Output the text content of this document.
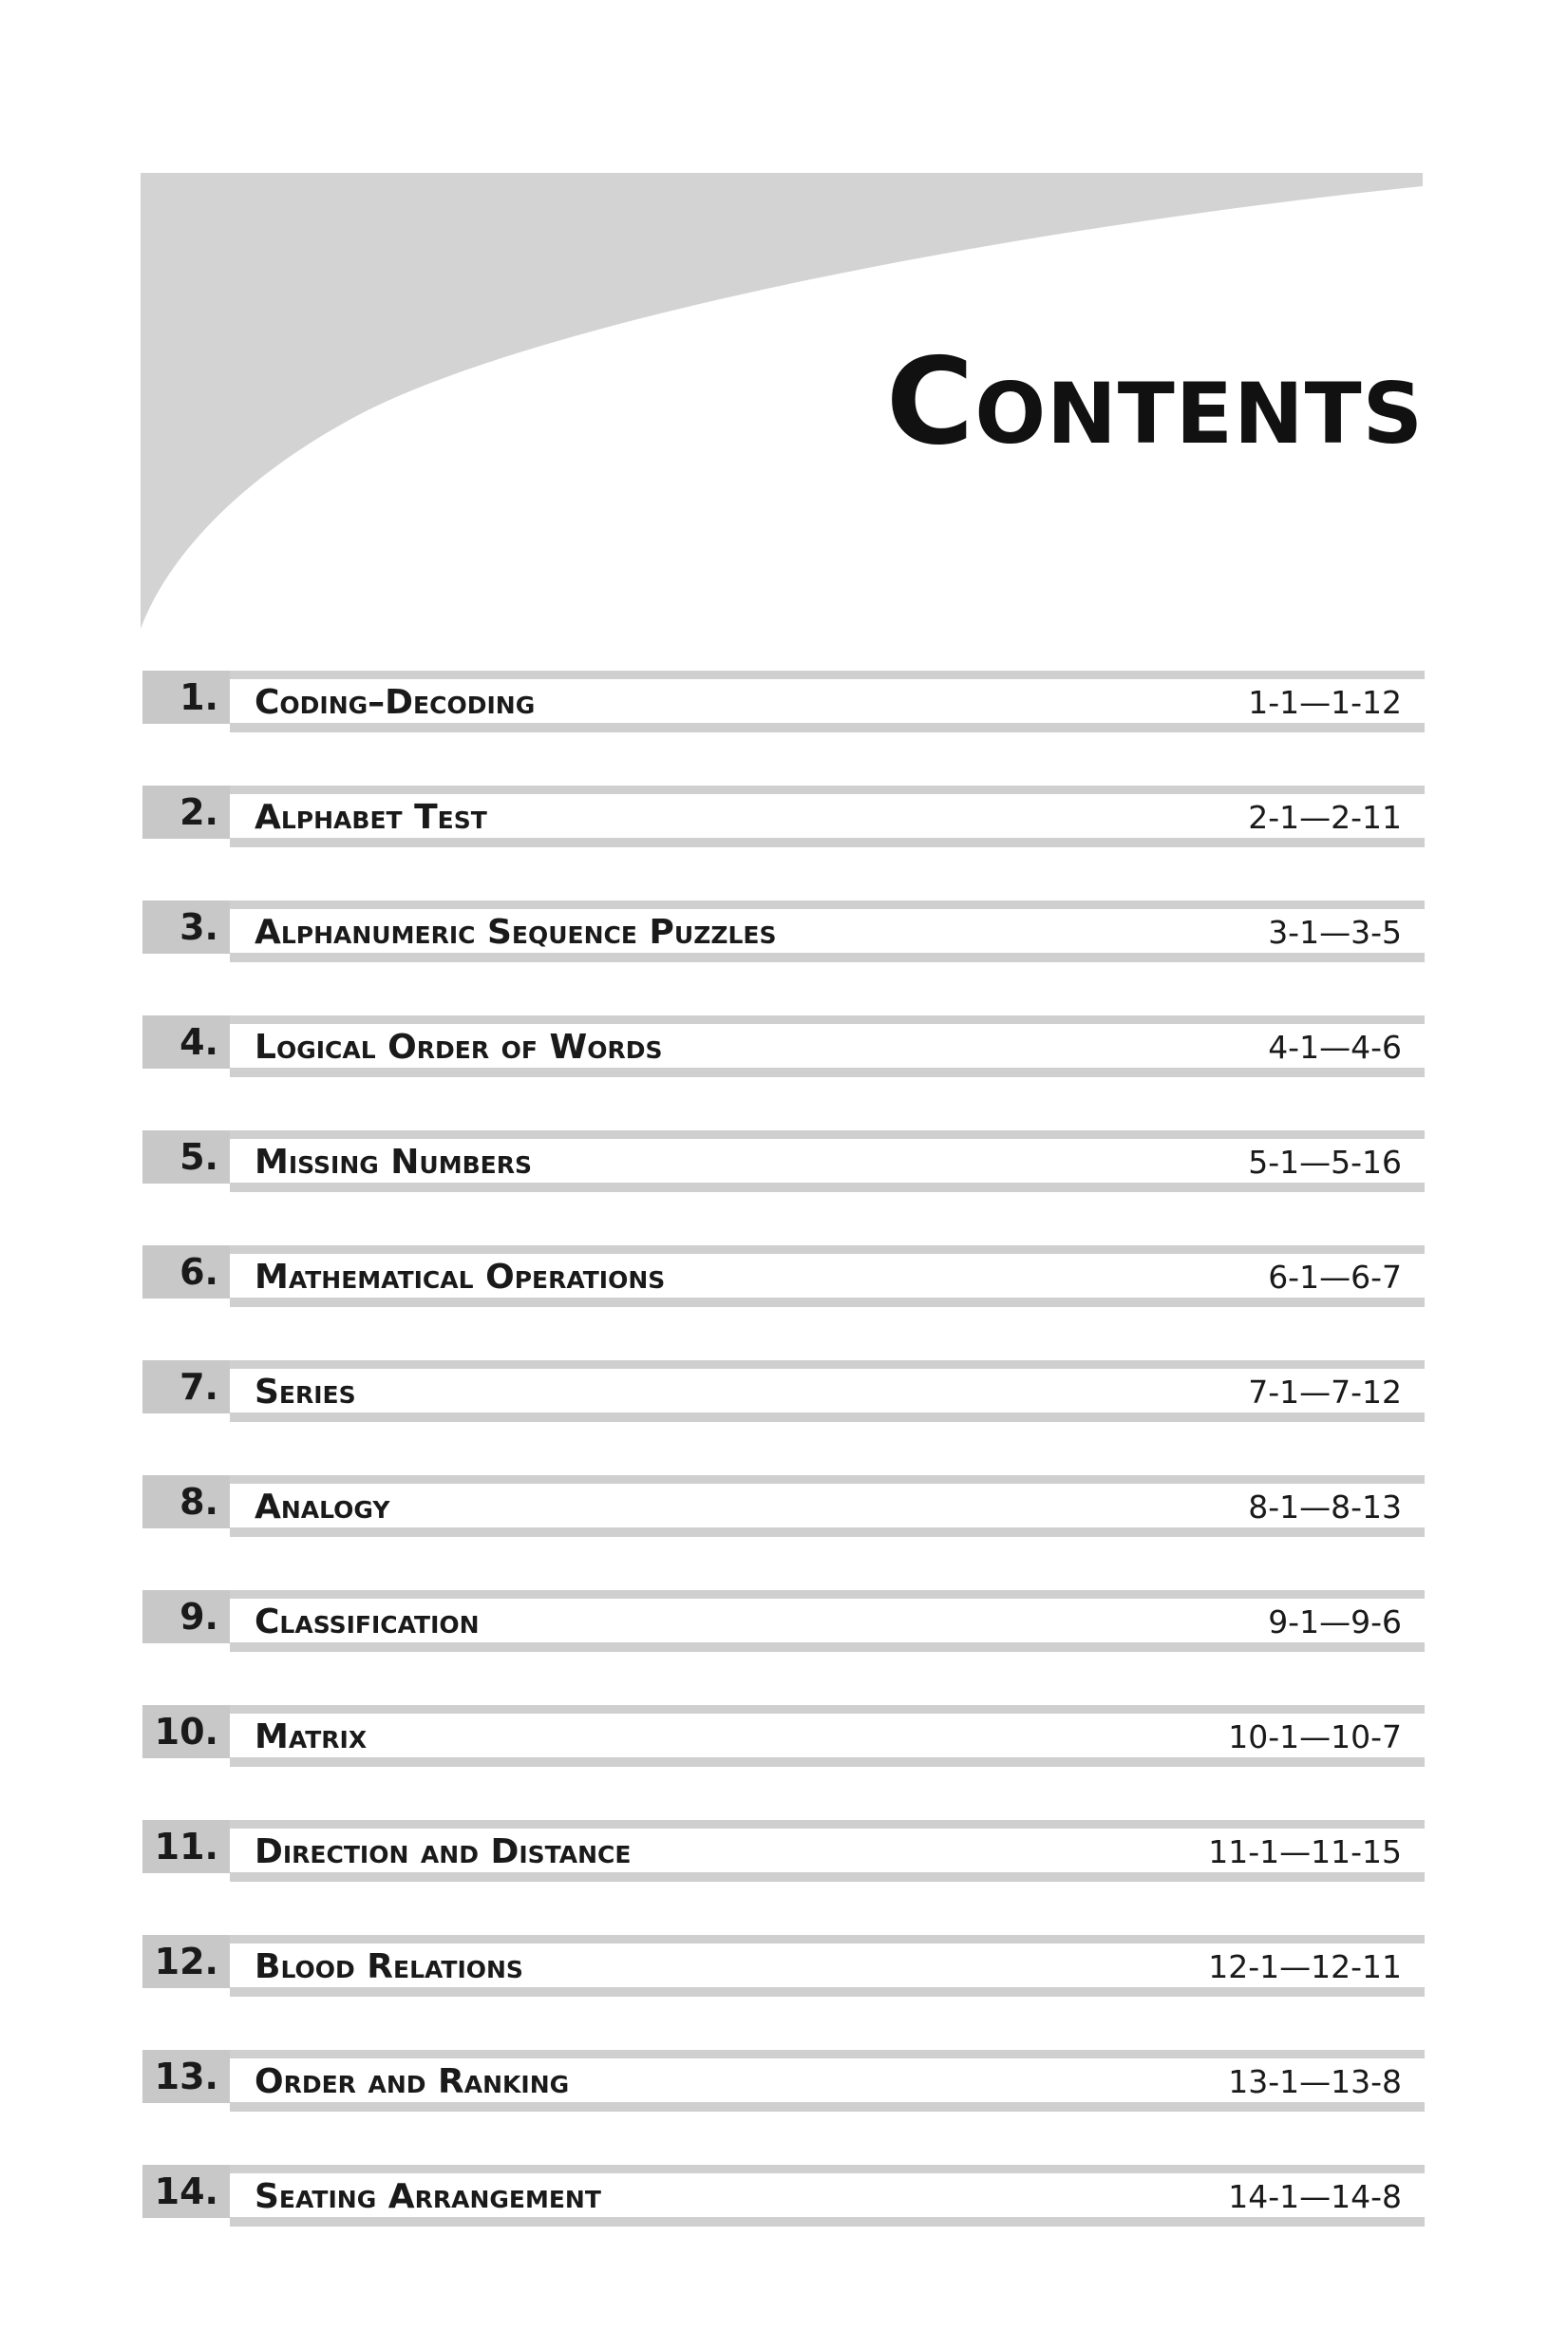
Contents
1. Coding–Decoding	1-1—1-12
2. Alphabet Test	2-1—2-11
3. Alphanumeric Sequence Puzzles	3-1—3-5
4. Logical Order of Words	4-1—4-6
5. Missing Numbers	5-1—5-16
6. Mathematical Operations	6-1—6-7
7. Series	7-1—7-12
8. Analogy	8-1—8-13
9. Classification	9-1—9-6
10. Matrix	10-1—10-7
11. Direction and Distance	11-1—11-15
12. Blood Relations	12-1—12-11
13. Order and Ranking	13-1—13-8
14. Seating Arrangement	14-1—14-8
